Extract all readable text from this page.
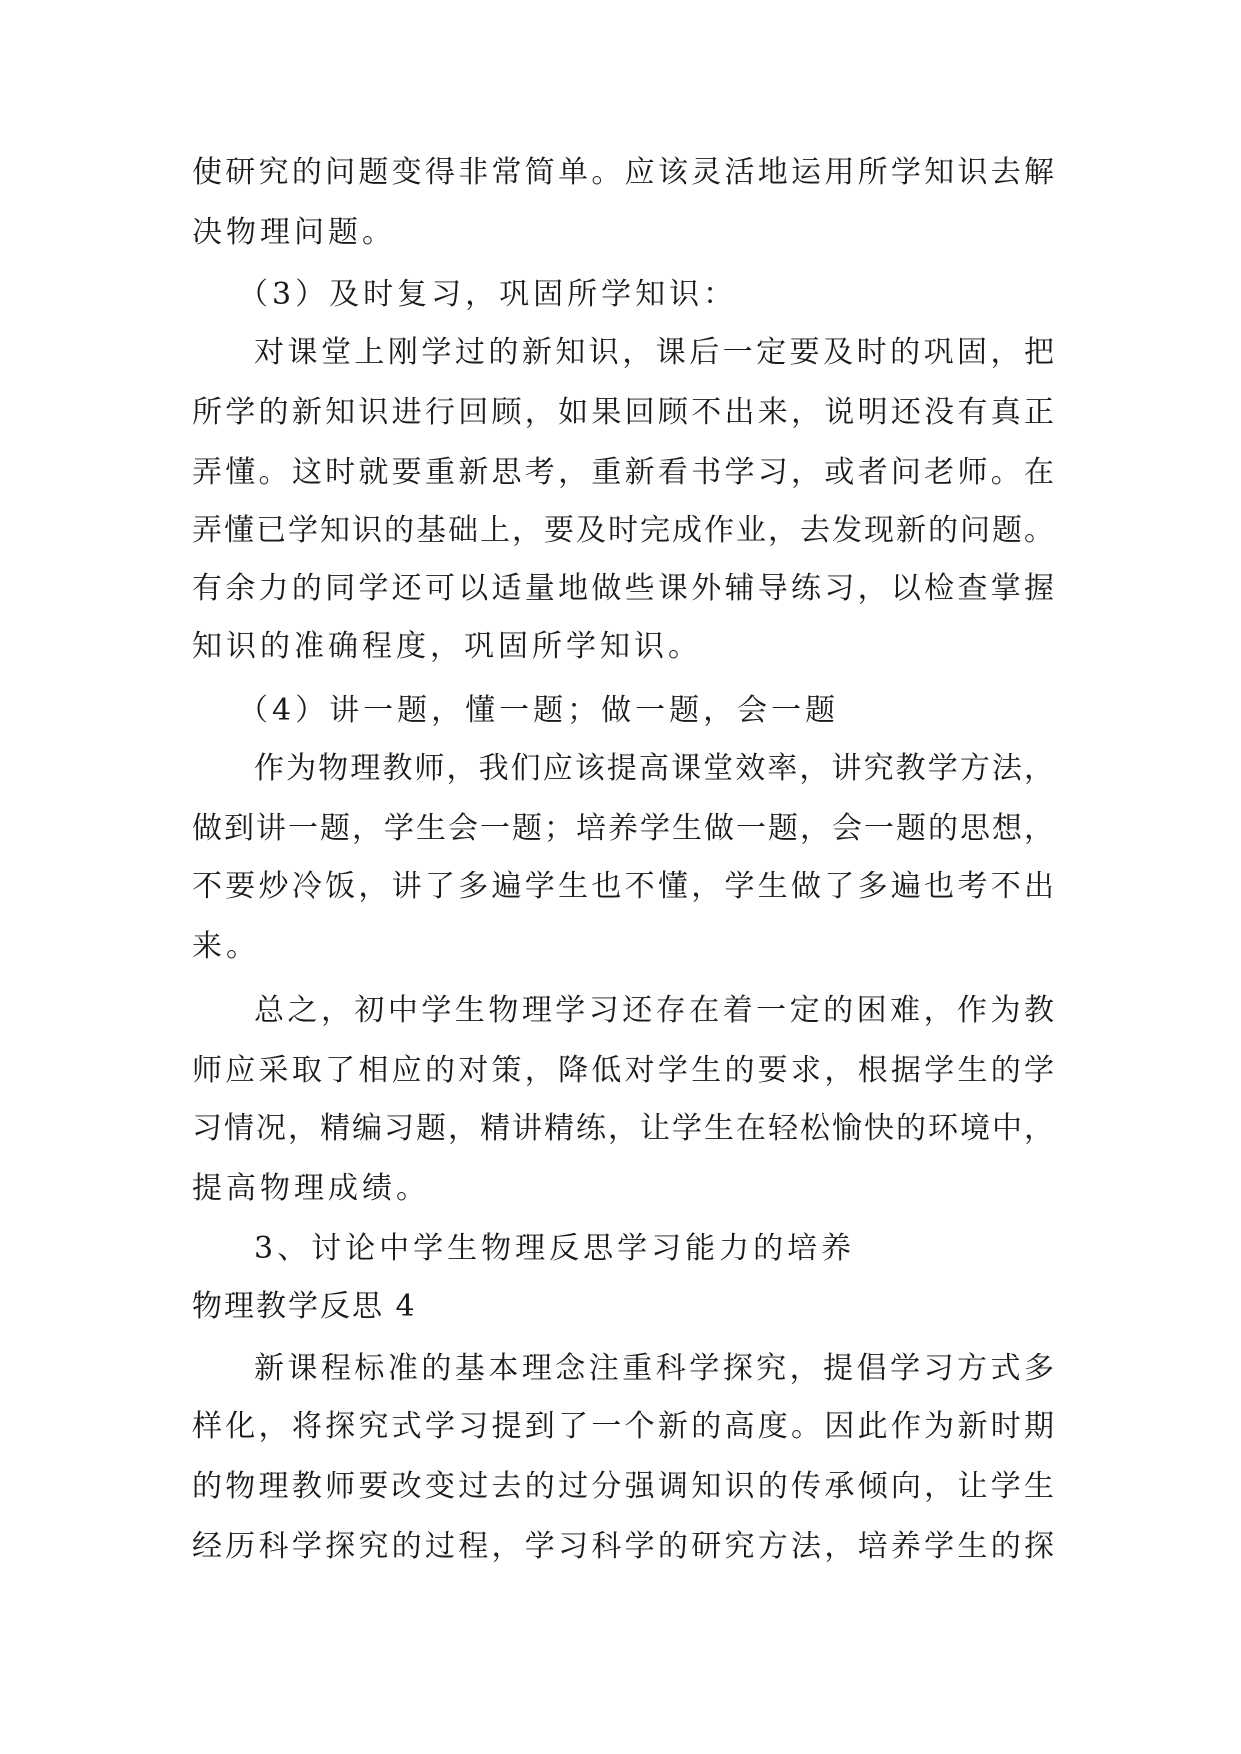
使研究的问题变得非常简单。应该灵活地运用所学知识去解
决物理问题。
（3）及时复习，巩固所学知识：
对课堂上刚学过的新知识，课后一定要及时的巩固，把
所学的新知识进行回顾，如果回顾不出来，说明还没有真正
弄懂。这时就要重新思考，重新看书学习，或者问老师。在
弄懂已学知识的基础上，要及时完成作业，去发现新的问题。
有余力的同学还可以适量地做些课外辅导练习，以检查掌握
知识的准确程度，巩固所学知识。
（4）讲一题，懂一题；做一题，会一题
作为物理教师，我们应该提高课堂效率，讲究教学方法，
做到讲一题，学生会一题；培养学生做一题，会一题的思想，
不要炒冷饭，讲了多遍学生也不懂，学生做了多遍也考不出
来。
总之，初中学生物理学习还存在着一定的困难，作为教
师应采取了相应的对策，降低对学生的要求，根据学生的学
习情况，精编习题，精讲精练，让学生在轻松愉快的环境中，
提高物理成绩。
3、讨论中学生物理反思学习能力的培养
物理教学反思 4
新课程标准的基本理念注重科学探究，提倡学习方式多
样化，将探究式学习提到了一个新的高度。因此作为新时期
的物理教师要改变过去的过分强调知识的传承倾向，让学生
经历科学探究的过程，学习科学的研究方法，培养学生的探
